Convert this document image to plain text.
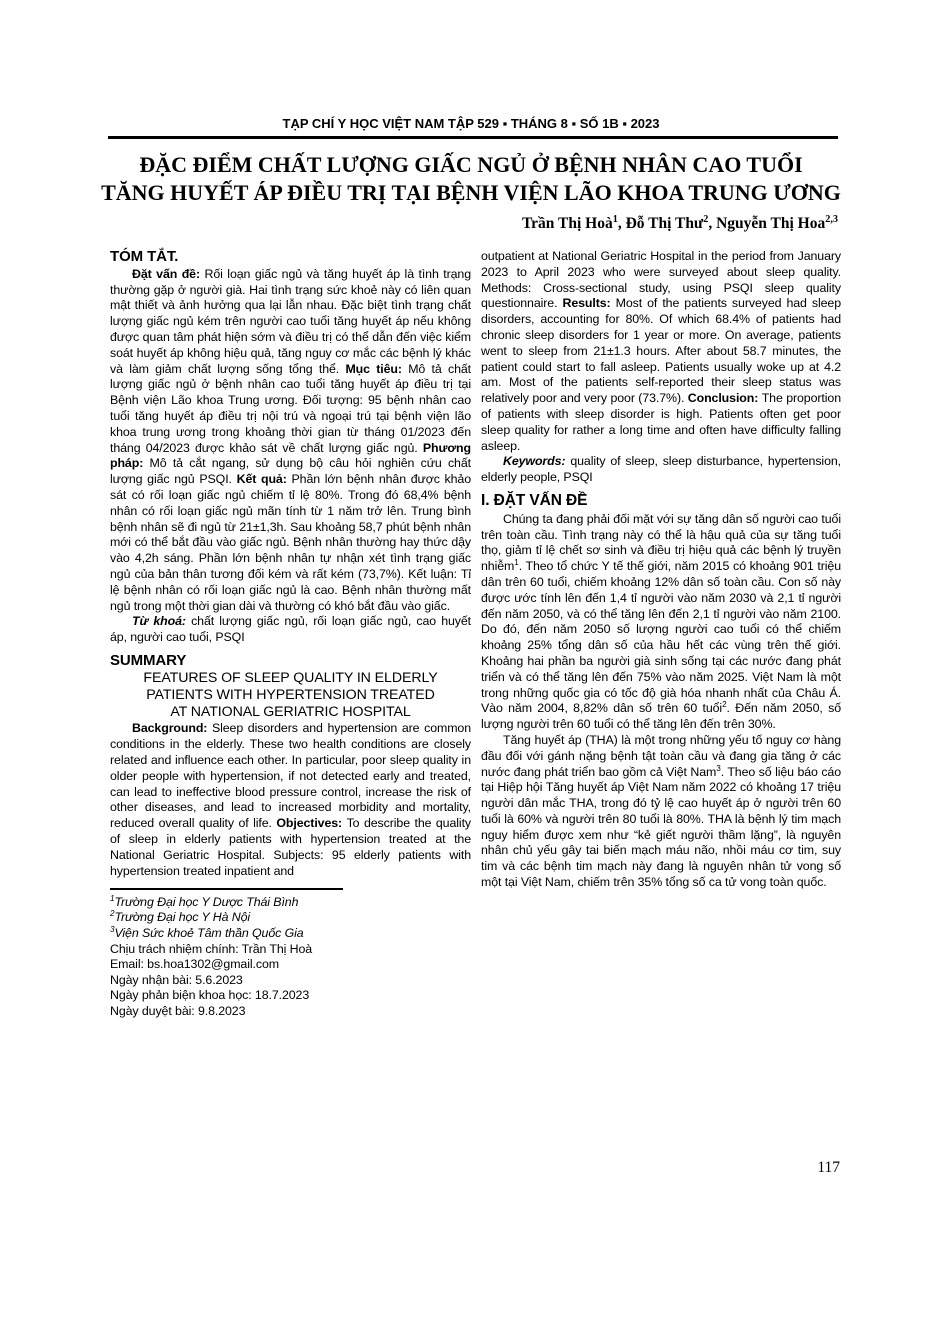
TẠP CHÍ Y HỌC VIỆT NAM TẬP 529 ▪ THÁNG 8 ▪ SỐ 1B ▪ 2023
ĐẶC ĐIỂM CHẤT LƯỢNG GIẤC NGỦ Ở BỆNH NHÂN CAO TUỔI
TĂNG HUYẾT ÁP ĐIỀU TRỊ TẠI BỆNH VIỆN LÃO KHOA TRUNG ƯƠNG
Trần Thị Hoà$^1$, Đỗ Thị Thư$^2$, Nguyễn Thị Hoa$^{2,3}$
TÓM TẮT.

Đặt vấn đề: Rối loạn giấc ngủ và tăng huyết áp là tình trạng thường gặp ở người già. Hai tình trạng sức khoẻ này có liên quan mật thiết và ảnh hưởng qua lại lẫn nhau. Đặc biệt tình trạng chất lượng giấc ngủ kém trên người cao tuổi tăng huyết áp nếu không được quan tâm phát hiện sớm và điều trị có thể dẫn đến việc kiểm soát huyết áp không hiệu quả, tăng nguy cơ mắc các bệnh lý khác và làm giảm chất lượng sống tổng thể. Mục tiêu: Mô tả chất lượng giấc ngủ ở bệnh nhân cao tuổi tăng huyết áp điều trị tại Bệnh viện Lão khoa Trung ương. Đối tượng: 95 bệnh nhân cao tuổi tăng huyết áp điều trị nội trú và ngoại trú tại bệnh viện lão khoa trung ương trong khoảng thời gian từ tháng 01/2023 đến tháng 04/2023 được khảo sát về chất lượng giấc ngủ. Phương pháp: Mô tả cắt ngang, sử dụng bộ câu hỏi nghiên cứu chất lượng giấc ngủ PSQI. Kết quả: Phần lớn bệnh nhân được khảo sát có rối loạn giấc ngủ chiếm tỉ lệ 80%. Trong đó 68,4% bệnh nhân có rối loạn giấc ngủ mãn tính từ 1 năm trở lên. Trung bình bệnh nhân sẽ đi ngủ từ 21±1,3h. Sau khoảng 58,7 phút bệnh nhân mới có thể bắt đầu vào giấc ngủ. Bệnh nhân thường hay thức dậy vào 4,2h sáng. Phần lớn bệnh nhân tự nhận xét tình trạng giấc ngủ của bản thân tương đối kém và rất kém (73,7%). Kết luận: Tỉ lệ bệnh nhân có rối loạn giấc ngủ là cao. Bệnh nhân thường mất ngủ trong một thời gian dài và thường có khó bắt đầu vào giấc.

Từ khoá: chất lượng giấc ngủ, rối loạn giấc ngủ, cao huyết áp, người cao tuổi, PSQI

SUMMARY
FEATURES OF SLEEP QUALITY IN ELDERLY
PATIENTS WITH HYPERTENSION TREATED
AT NATIONAL GERIATRIC HOSPITAL

Background: Sleep disorders and hypertension are common conditions in the elderly. These two health conditions are closely related and influence each other. In particular, poor sleep quality in older people with hypertension, if not detected early and treated, can lead to ineffective blood pressure control, increase the risk of other diseases, and lead to increased morbidity and mortality, reduced overall quality of life. Objectives: To describe the quality of sleep in elderly patients with hypertension treated at the National Geriatric Hospital. Subjects: 95 elderly patients with hypertension treated inpatient and

$^1$Trường Đại học Y Dược Thái Bình
$^2$Trường Đại học Y Hà Nội
$^3$Viện Sức khoẻ Tâm thần Quốc Gia
Chịu trách nhiệm chính: Trần Thị Hoà
Email: bs.hoa1302@gmail.com
Ngày nhận bài: 5.6.2023
Ngày phản biện khoa học: 18.7.2023
Ngày duyệt bài: 9.8.2023

outpatient at National Geriatric Hospital in the period from January 2023 to April 2023 who were surveyed about sleep quality. Methods: Cross-sectional study, using PSQI sleep quality questionnaire. Results: Most of the patients surveyed had sleep disorders, accounting for 80%. Of which 68.4% of patients had chronic sleep disorders for 1 year or more. On average, patients went to sleep from 21±1.3 hours. After about 58.7 minutes, the patient could start to fall asleep. Patients usually woke up at 4.2 am. Most of the patients self-reported their sleep status was relatively poor and very poor (73.7%). Conclusion: The proportion of patients with sleep disorder is high. Patients often get poor sleep quality for rather a long time and often have difficulty falling asleep.

Keywords: quality of sleep, sleep disturbance, hypertension, elderly people, PSQI

I. ĐẶT VẤN ĐỀ

Chúng ta đang phải đối mặt với sự tăng dân số người cao tuổi trên toàn cầu. Tình trạng này có thể là hậu quả của sự tăng tuổi thọ, giảm tỉ lệ chết sơ sinh và điều trị hiệu quả các bệnh lý truyền nhiễm$^1$. Theo tổ chức Y tế thế giới, năm 2015 có khoảng 901 triệu dân trên 60 tuổi, chiếm khoảng 12% dân số toàn cầu. Con số này được ước tính lên đến 1,4 tỉ người vào năm 2030 và 2,1 tỉ người đến năm 2050, và có thể tăng lên đến 2,1 tỉ người vào năm 2100. Do đó, đến năm 2050 số lượng người cao tuổi có thể chiếm khoảng 25% tổng dân số của hầu hết các vùng trên thế giới. Khoảng hai phần ba người già sinh sống tại các nước đang phát triển và có thể tăng lên đến 75% vào năm 2025. Việt Nam là một trong những quốc gia có tốc độ già hóa nhanh nhất của Châu Á. Vào năm 2004, 8,82% dân số trên 60 tuổi$^2$. Đến năm 2050, số lượng người trên 60 tuổi có thể tăng lên đến trên 30%.

Tăng huyết áp (THA) là một trong những yếu tố nguy cơ hàng đầu đối với gánh nặng bệnh tật toàn cầu và đang gia tăng ở các nước đang phát triển bao gồm cả Việt Nam$^3$. Theo số liệu báo cáo tại Hiệp hội Tăng huyết áp Việt Nam năm 2022 có khoảng 17 triệu người dân mắc THA, trong đó tỷ lệ cao huyết áp ở người trên 60 tuổi là 60% và người trên 80 tuổi là 80%. THA là bệnh lý tim mạch nguy hiểm được xem như “kẻ giết người thầm lặng”, là nguyên nhân chủ yếu gây tai biến mạch máu não, nhồi máu cơ tim, suy tim và các bệnh tim mạch này đang là nguyên nhân tử vong số một tại Việt Nam, chiếm trên 35% tổng số ca tử vong toàn quốc.

117
